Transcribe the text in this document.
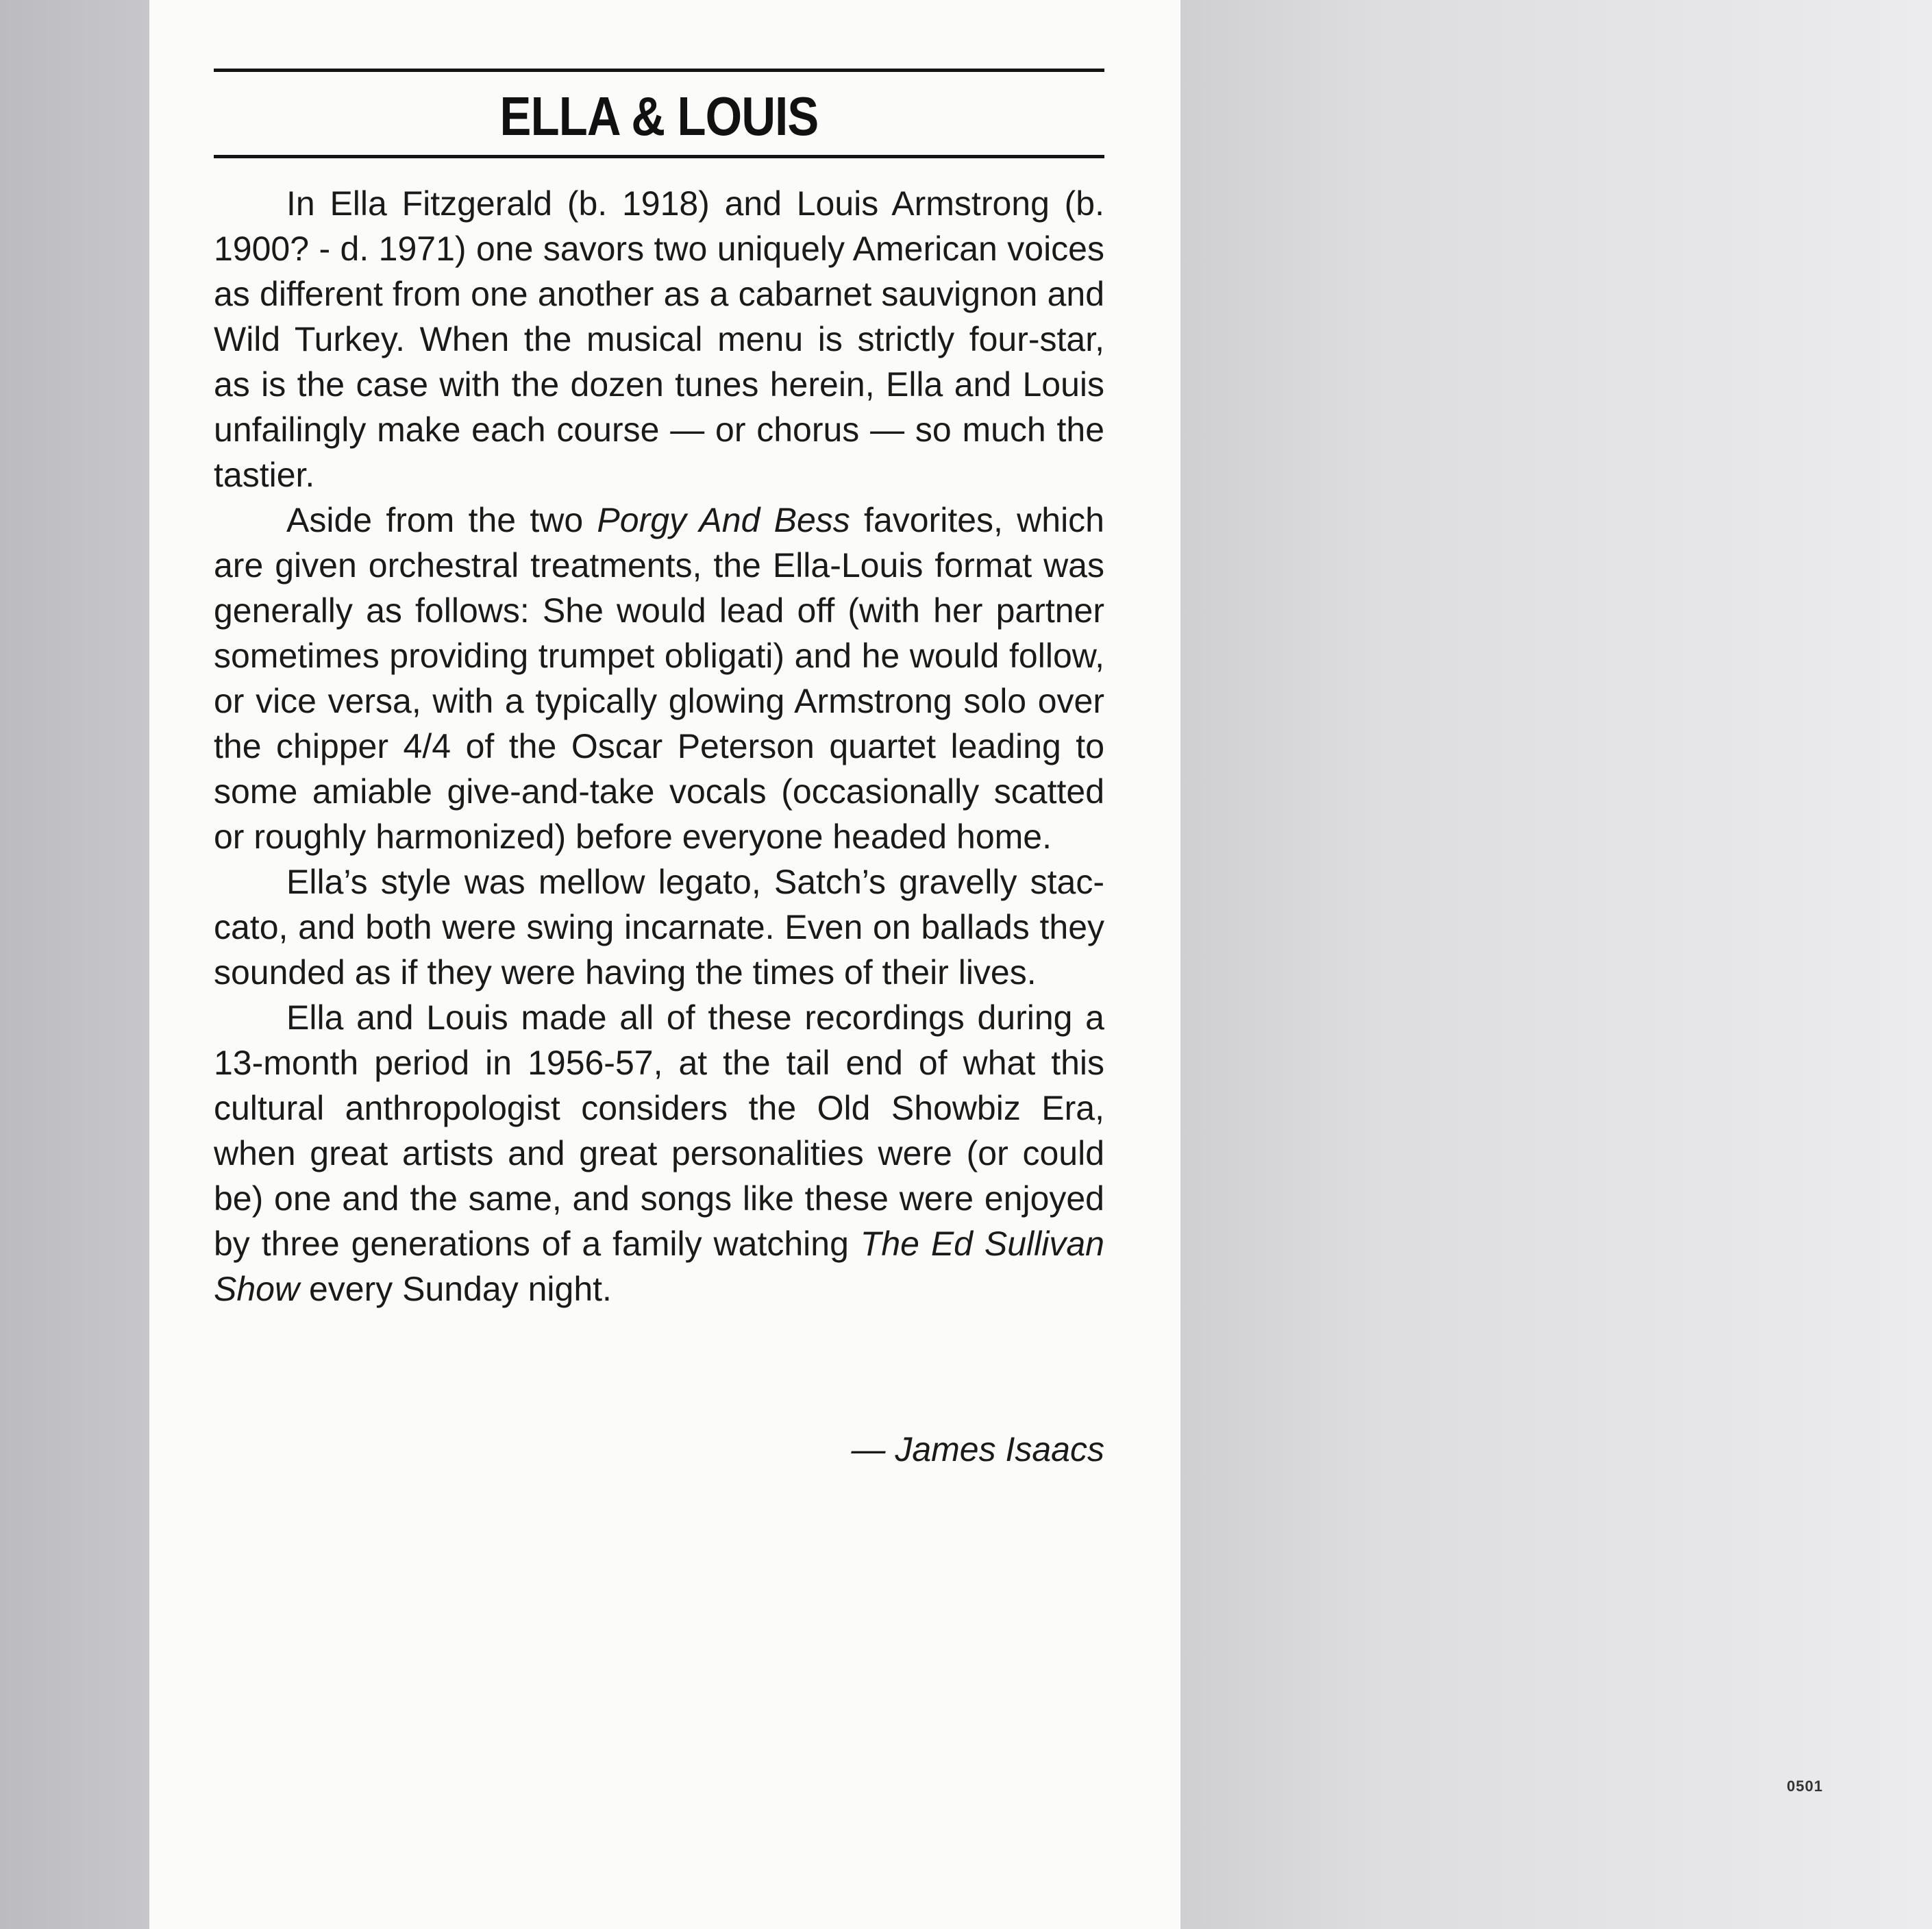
ELLA & LOUIS

In Ella Fitzgerald (b. 1918) and Louis Armstrong (b. 1900? - d. 1971) one savors two uniquely American voices as different from one another as a cabarnet sauvignon and Wild Turkey. When the musical menu is strictly four-star, as is the case with the dozen tunes herein, Ella and Louis unfailingly make each course — or chorus — so much the tastier.

Aside from the two Porgy And Bess favorites, which are given orchestral treatments, the Ella-Louis format was generally as follows: She would lead off (with her partner sometimes providing trumpet obligati) and he would follow, or vice versa, with a typically glowing Armstrong solo over the chipper 4/4 of the Oscar Peterson quartet leading to some amiable give-and-take vocals (occasionally scatted or roughly harmonized) before everyone headed home.

Ella’s style was mellow legato, Satch’s gravelly staccato, and both were swing incarnate. Even on ballads they sounded as if they were having the times of their lives.

Ella and Louis made all of these recordings during a 13-month period in 1956-57, at the tail end of what this cultural anthropologist considers the Old Showbiz Era, when great artists and great personalities were (or could be) one and the same, and songs like these were enjoyed by three generations of a family watching The Ed Sullivan Show every Sunday night.

— James Isaacs
0501
